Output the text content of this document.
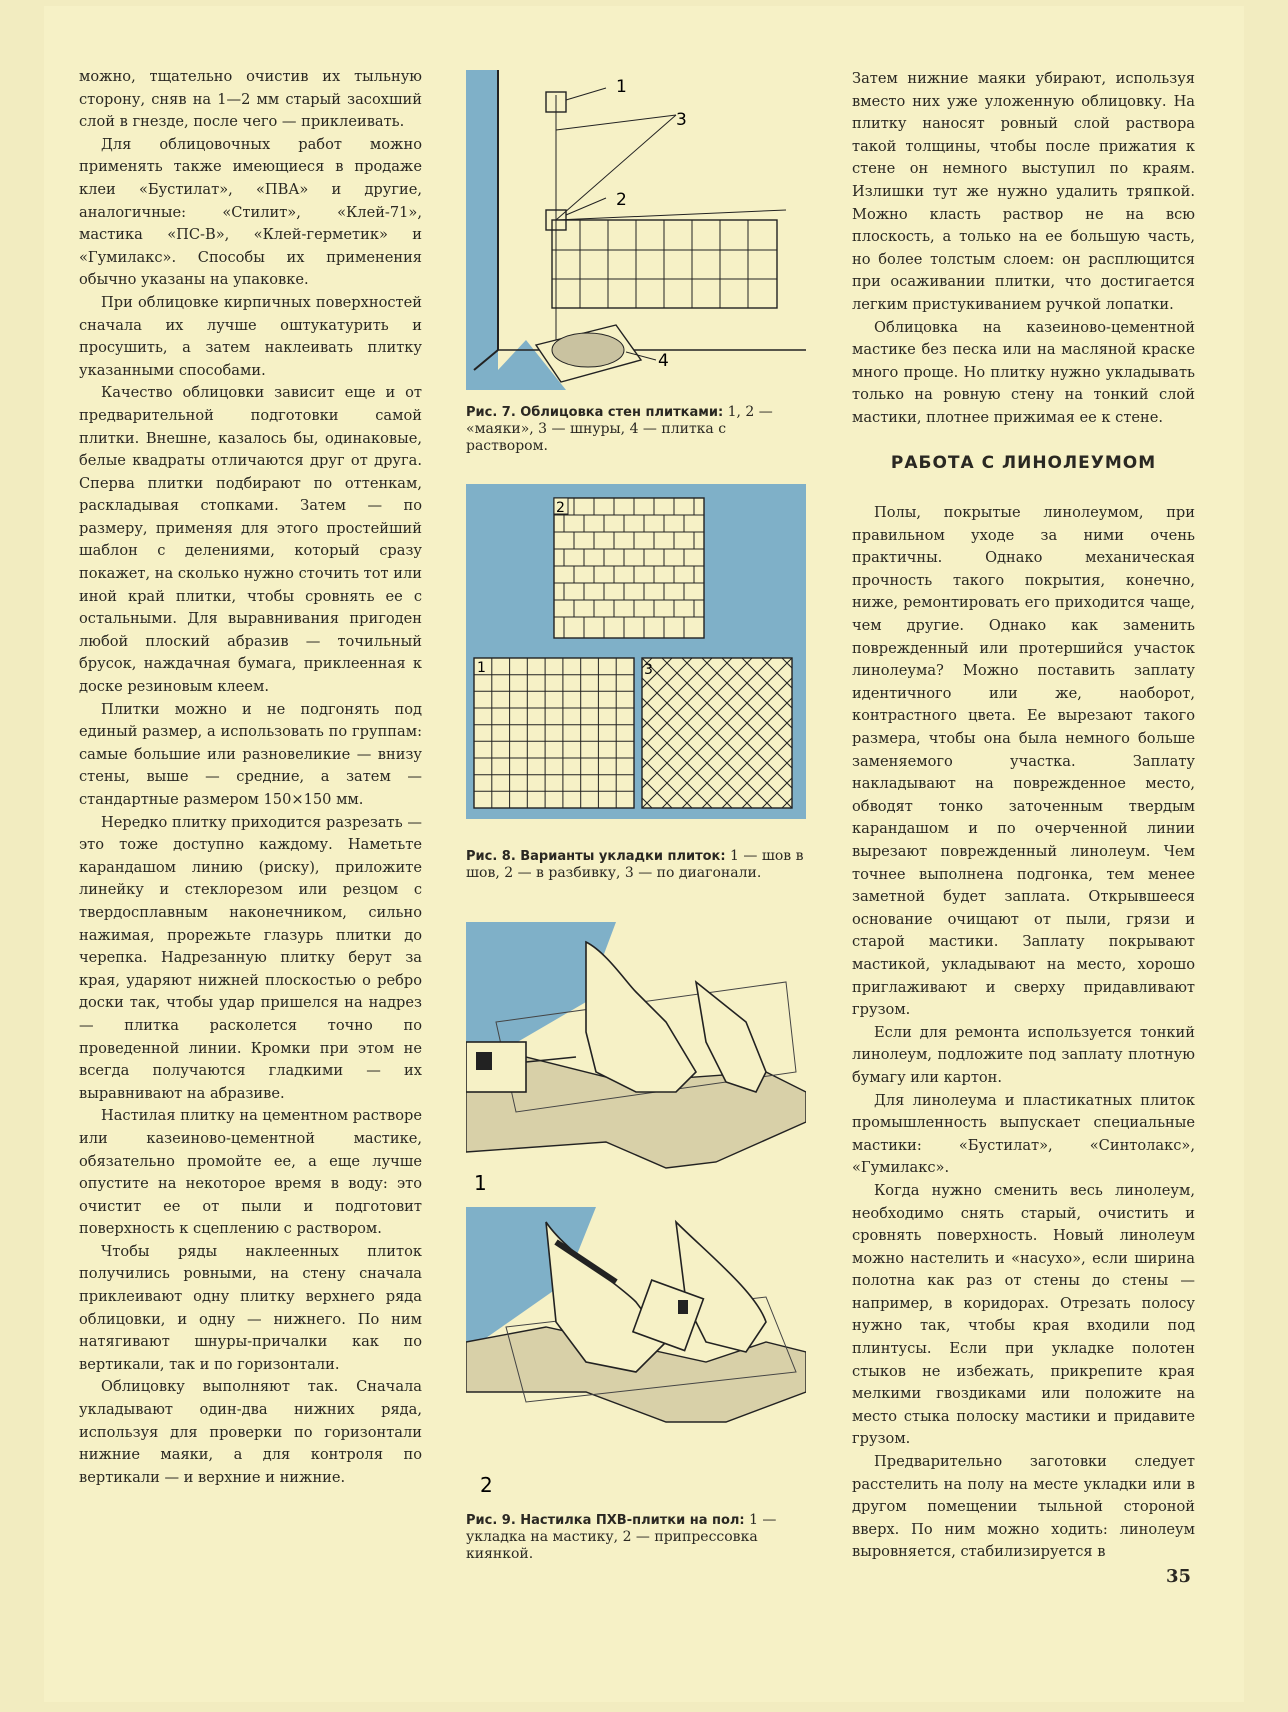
можно, тщательно очистив их тыльную сторону, сняв на 1—2 мм старый засохший слой в гнезде, после чего — приклеивать.

Для облицовочных работ можно применять также имеющиеся в продаже клеи «Бустилат», «ПВА» и другие, аналогичные: «Стилит», «Клей-71», мастика «ПС-В», «Клей-герметик» и «Гумилакс». Способы их применения обычно указаны на упаковке.

При облицовке кирпичных поверхностей сначала их лучше оштукатурить и просушить, а затем наклеивать плитку указанными способами.

Качество облицовки зависит еще и от предварительной подготовки самой плитки. Внешне, казалось бы, одинаковые, белые квадраты отличаются друг от друга. Сперва плитки подбирают по оттенкам, раскладывая стопками. Затем — по размеру, применяя для этого простейший шаблон с делениями, который сразу покажет, на сколько нужно сточить тот или иной край плитки, чтобы сровнять ее с остальными. Для выравнивания пригоден любой плоский абразив — точильный брусок, наждачная бумага, приклеенная к доске резиновым клеем.

Плитки можно и не подгонять под единый размер, а использовать по группам: самые большие или разновеликие — внизу стены, выше — средние, а затем — стандартные размером 150×150 мм.

Нередко плитку приходится разрезать — это тоже доступно каждому. Наметьте карандашом линию (риску), приложите линейку и стеклорезом или резцом с твердосплавным наконечником, сильно нажимая, прорежьте глазурь плитки до черепка. Надрезанную плитку берут за края, ударяют нижней плоскостью о ребро доски так, чтобы удар пришелся на надрез — плитка расколется точно по проведенной линии. Кромки при этом не всегда получаются гладкими — их выравнивают на абразиве.

Настилая плитку на цементном растворе или казеиново-цементной мастике, обязательно промойте ее, а еще лучше опустите на некоторое время в воду: это очистит ее от пыли и подготовит поверхность к сцеплению с раствором.

Чтобы ряды наклеенных плиток получились ровными, на стену сначала приклеивают одну плитку верхнего ряда облицовки, и одну — нижнего. По ним натягивают шнуры-причалки как по вертикали, так и по горизонтали.

Облицовку выполняют так. Сначала укладывают один-два нижних ряда, используя для проверки по горизонтали нижние маяки, а для контроля по вертикали — и верхние и нижние.

1
2
3
4
Рис. 7. Облицовка стен плитками: 1, 2 — «маяки», 3 — шнуры, 4 — плитка с раствором.
2
1	3
Рис. 8. Варианты укладки плиток: 1 — шов в шов, 2 — в разбивку, 3 — по диагонали.
1
2
Рис. 9. Настилка ПХВ-плитки на пол: 1 — укладка на мастику, 2 — припрессовка киянкой.

Затем нижние маяки убирают, используя вместо них уже уложенную облицовку. На плитку наносят ровный слой раствора такой толщины, чтобы после прижатия к стене он немного выступил по краям. Излишки тут же нужно удалить тряпкой. Можно класть раствор не на всю плоскость, а только на ее большую часть, но более толстым слоем: он расплющится при осаживании плитки, что достигается легким пристукиванием ручкой лопатки.

Облицовка на казеиново-цементной мастике без песка или на масляной краске много проще. Но плитку нужно укладывать только на ровную стену на тонкий слой мастики, плотнее прижимая ее к стене.

РАБОТА С ЛИНОЛЕУМОМ

Полы, покрытые линолеумом, при правильном уходе за ними очень практичны. Однако механическая прочность такого покрытия, конечно, ниже, ремонтировать его приходится чаще, чем другие. Однако как заменить поврежденный или протершийся участок линолеума? Можно поставить заплату идентичного или же, наоборот, контрастного цвета. Ее вырезают такого размера, чтобы она была немного больше заменяемого участка. Заплату накладывают на поврежденное место, обводят тонко заточенным твердым карандашом и по очерченной линии вырезают поврежденный линолеум. Чем точнее выполнена подгонка, тем менее заметной будет заплата. Открывшееся основание очищают от пыли, грязи и старой мастики. Заплату покрывают мастикой, укладывают на место, хорошо приглаживают и сверху придавливают грузом.

Если для ремонта используется тонкий линолеум, подложите под заплату плотную бумагу или картон.

Для линолеума и пластикатных плиток промышленность выпускает специальные мастики: «Бустилат», «Синтолакс», «Гумилакс».

Когда нужно сменить весь линолеум, необходимо снять старый, очистить и сровнять поверхность. Новый линолеум можно настелить и «насухо», если ширина полотна как раз от стены до стены — например, в коридорах. Отрезать полосу нужно так, чтобы края входили под плинтусы. Если при укладке полотен стыков не избежать, прикрепите края мелкими гвоздиками или положите на место стыка полоску мастики и придавите грузом.

Предварительно заготовки следует расстелить на полу на месте укладки или в другом помещении тыльной стороной вверх. По ним можно ходить: линолеум выровняется, стабилизируется в

35
